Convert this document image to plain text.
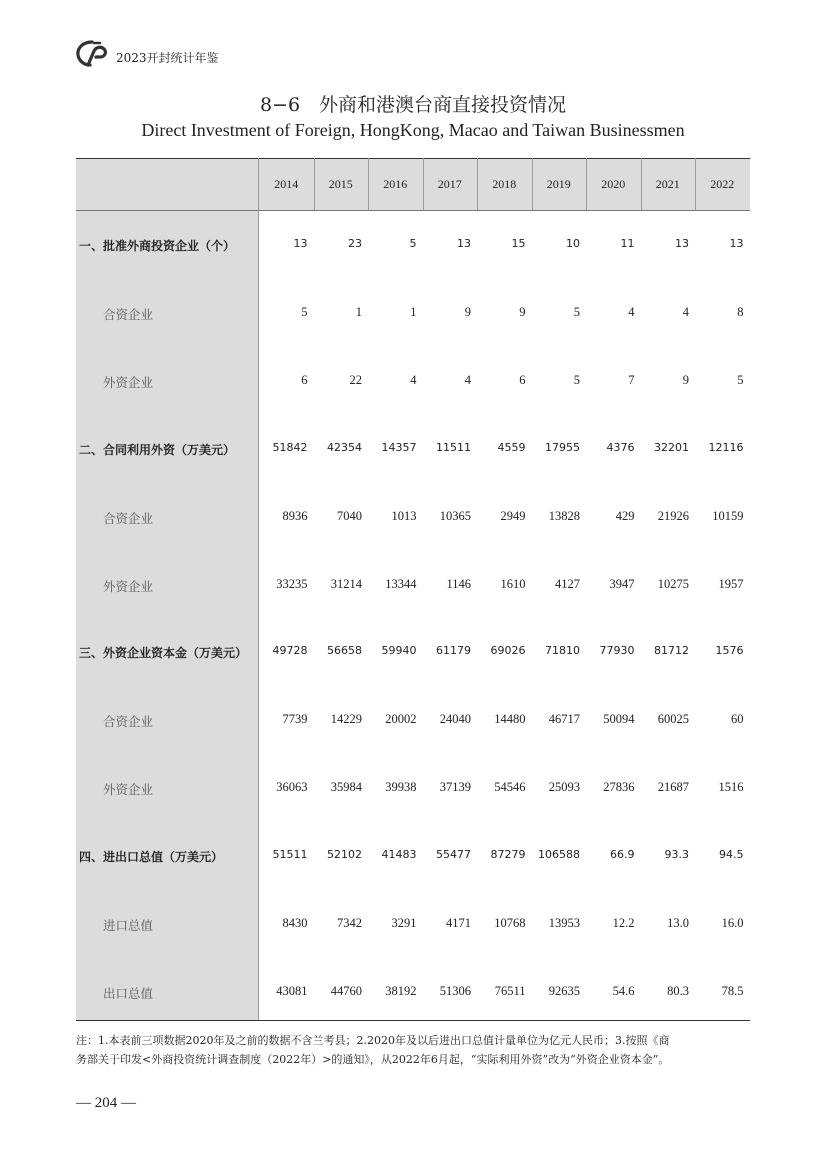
2023开封统计年鉴
8−6　外商和港澳台商直接投资情况
Direct Investment of Foreign, HongKong, Macao and Taiwan Businessmen
2014	2015	2016	2017	2018	2019	2020	2021	2022
一、批准外商投资企业（个）	13	23	5	13	15	10	11	13	13
合资企业	5	1	1	9	9	5	4	4	8
外资企业	6	22	4	4	6	5	7	9	5
二、合同利用外资（万美元）	51842	42354	14357	11511	4559	17955	4376	32201	12116
合资企业	8936	7040	1013	10365	2949	13828	429	21926	10159
外资企业	33235	31214	13344	1146	1610	4127	3947	10275	1957
三、外资企业资本金（万美元）	49728	56658	59940	61179	69026	71810	77930	81712	1576
合资企业	7739	14229	20002	24040	14480	46717	50094	60025	60
外资企业	36063	35984	39938	37139	54546	25093	27836	21687	1516
四、进出口总值（万美元）	51511	52102	41483	55477	87279	106588	66.9	93.3	94.5
进口总值	8430	7342	3291	4171	10768	13953	12.2	13.0	16.0
出口总值	43081	44760	38192	51306	76511	92635	54.6	80.3	78.5
注：1.本表前三项数据2020年及之前的数据不含兰考县；2.2020年及以后进出口总值计量单位为亿元人民币；3.按照《商
务部关于印发<外商投资统计调查制度（2022年）>的通知》，从2022年6月起，“实际利用外资”改为“外资企业资本金”。
— 204 —
